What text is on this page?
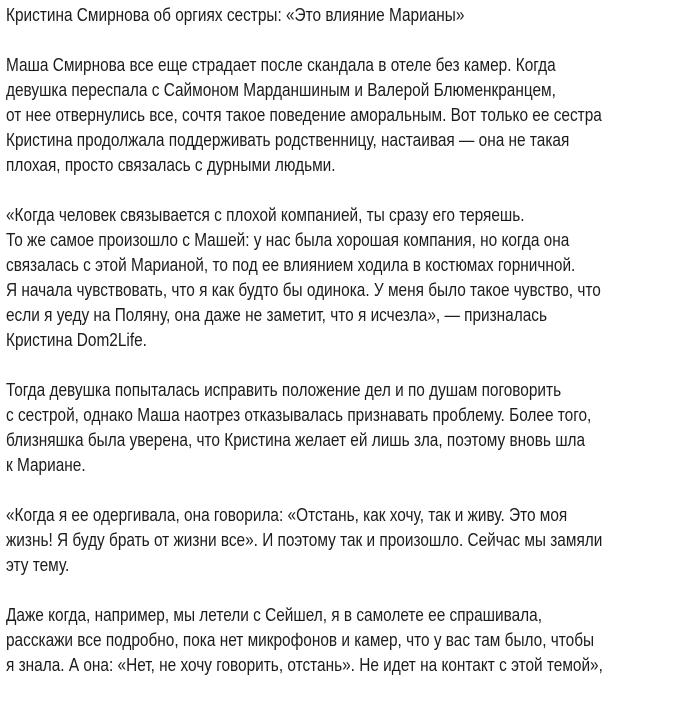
Кристина Смирнова об оргиях сестры: «Это влияние Марианы»
Маша Смирнова все еще страдает после скандала в отеле без камер. Когда
девушка переспала с Саймоном Марданшиным и Валерой Блюменкранцем,
от нее отвернулись все, сочтя такое поведение аморальным. Вот только ее сестра
Кристина продолжала поддерживать родственницу, настаивая — она не такая
плохая, просто связалась с дурными людьми.
«Когда человек связывается с плохой компанией, ты сразу его теряешь.
То же самое произошло с Машей: у нас была хорошая компания, но когда она
связалась с этой Марианой, то под ее влиянием ходила в костюмах горничной.
Я начала чувствовать, что я как будто бы одинока. У меня было такое чувство, что
если я уеду на Поляну, она даже не заметит, что я исчезла», — призналась
Кристина Dom2Life.
Тогда девушка попыталась исправить положение дел и по душам поговорить
с сестрой, однако Маша наотрез отказывалась признавать проблему. Более того,
близняшка была уверена, что Кристина желает ей лишь зла, поэтому вновь шла
к Мариане.
«Когда я ее одергивала, она говорила: «Отстань, как хочу, так и живу. Это моя
жизнь! Я буду брать от жизни все». И поэтому так и произошло. Сейчас мы замяли
эту тему.
Даже когда, например, мы летели с Сейшел, я в самолете ее спрашивала,
расскажи все подробно, пока нет микрофонов и камер, что у вас там было, чтобы
я знала. А она: «Нет, не хочу говорить, отстань». Не идет на контакт с этой темой»,
